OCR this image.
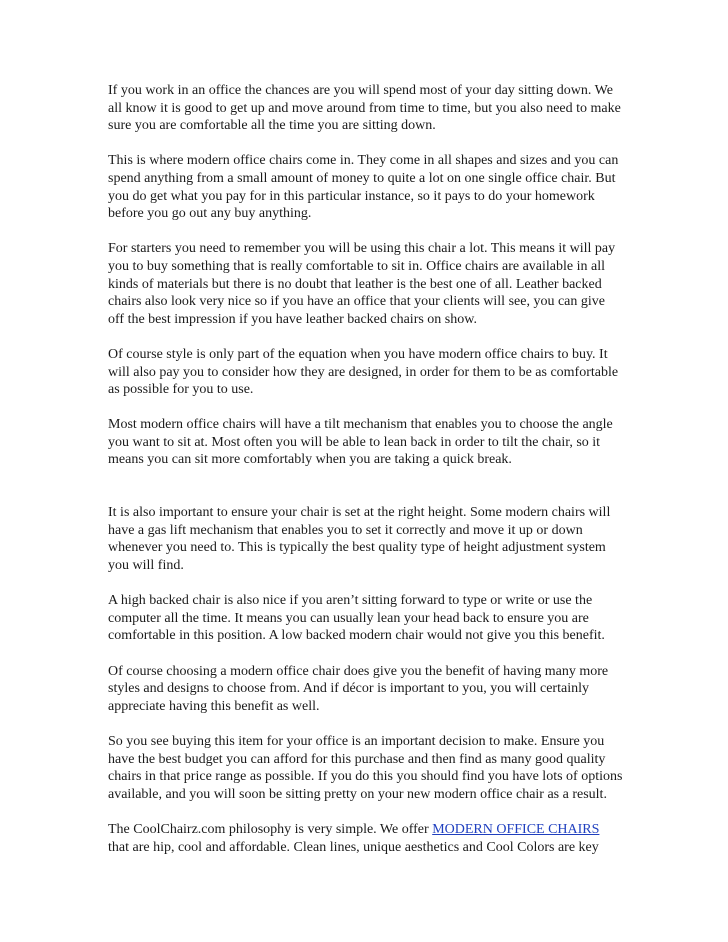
If you work in an office the chances are you will spend most of your day sitting down. We all know it is good to get up and move around from time to time, but you also need to make sure you are comfortable all the time you are sitting down.

This is where modern office chairs come in. They come in all shapes and sizes and you can spend anything from a small amount of money to quite a lot on one single office chair. But you do get what you pay for in this particular instance, so it pays to do your homework before you go out any buy anything.

For starters you need to remember you will be using this chair a lot. This means it will pay you to buy something that is really comfortable to sit in. Office chairs are available in all kinds of materials but there is no doubt that leather is the best one of all. Leather backed chairs also look very nice so if you have an office that your clients will see, you can give off the best impression if you have leather backed chairs on show.

Of course style is only part of the equation when you have modern office chairs to buy. It will also pay you to consider how they are designed, in order for them to be as comfortable as possible for you to use.

Most modern office chairs will have a tilt mechanism that enables you to choose the angle you want to sit at. Most often you will be able to lean back in order to tilt the chair, so it means you can sit more comfortably when you are taking a quick break.

It is also important to ensure your chair is set at the right height. Some modern chairs will have a gas lift mechanism that enables you to set it correctly and move it up or down whenever you need to. This is typically the best quality type of height adjustment system you will find.

A high backed chair is also nice if you aren’t sitting forward to type or write or use the computer all the time. It means you can usually lean your head back to ensure you are comfortable in this position. A low backed modern chair would not give you this benefit.

Of course choosing a modern office chair does give you the benefit of having many more styles and designs to choose from. And if décor is important to you, you will certainly appreciate having this benefit as well.

So you see buying this item for your office is an important decision to make. Ensure you have the best budget you can afford for this purchase and then find as many good quality chairs in that price range as possible. If you do this you should find you have lots of options available, and you will soon be sitting pretty on your new modern office chair as a result.

The CoolChairz.com philosophy is very simple. We offer MODERN OFFICE CHAIRS that are hip, cool and affordable. Clean lines, unique aesthetics and Cool Colors are key
